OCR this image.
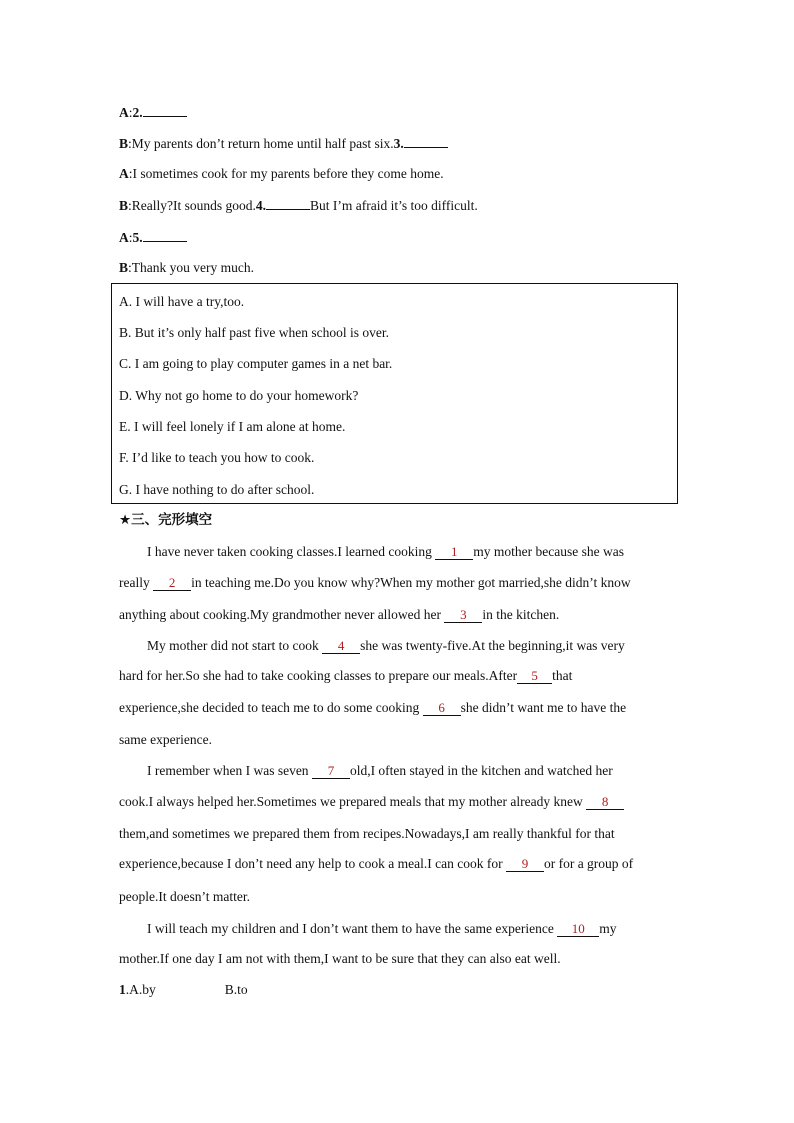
A:2.
B:My parents don’t return home until half past six.3.
A:I sometimes cook for my parents before they come home.
B:Really?It sounds good.4.	But I’m afraid it’s too difficult.
A:5.
B:Thank you very much.
A. I will have a try,too.
B. But it’s only half past five when school is over.
C. I am going to play computer games in a net bar.
D. Why not go home to do your homework?
E. I will feel lonely if I am alone at home.
F. I’d like to teach you how to cook.
G. I have nothing to do after school.
★三、完形填空
I have never taken cooking classes.I learned cooking 1 my mother because she was
really 2 in teaching me.Do you know why?When my mother got married,she didn’t know
anything about cooking.My grandmother never allowed her 3 in the kitchen.
My mother did not start to cook 4 she was twenty-five.At the beginning,it was very
hard for her.So she had to take cooking classes to prepare our meals.After 5 that
experience,she decided to teach me to do some cooking 6 she didn’t want me to have the
same experience.
I remember when I was seven 7 old,I often stayed in the kitchen and watched her
cook.I always helped her.Sometimes we prepared meals that my mother already knew 8
them,and sometimes we prepared them from recipes.Nowadays,I am really thankful for that
experience,because I don’t need any help to cook a meal.I can cook for 9 or for a group of
people.It doesn’t matter.
I will teach my children and I don’t want them to have the same experience 10 my
mother.If one day I am not with them,I want to be sure that they can also eat well.
1.A.by	B.to
